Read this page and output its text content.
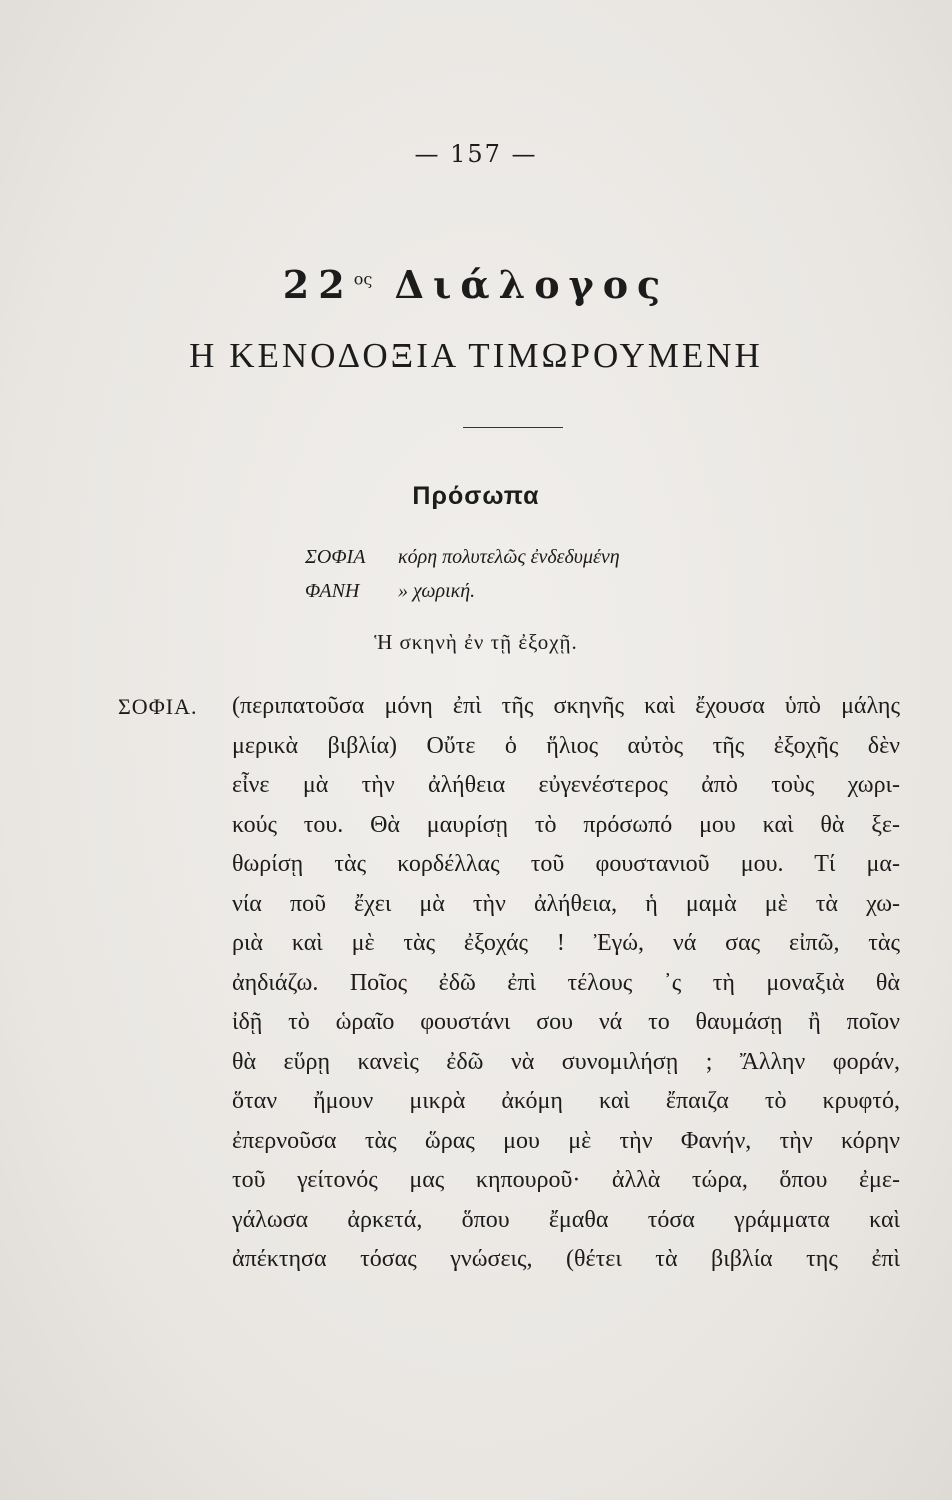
— 157 —
$22^{o\varsigma}$ Διάλογος
Η ΚΕΝΟΔΟΞΙΑ ΤΙΜΩΡΟΥΜΕΝΗ
Πρόσωπα
ΣΟΦΙΑ κόρη πολυτελῶς ἐνδεδυμένη
ΦΑΝΗ » χωρική.
Ἡ σκηνὴ ἐν τῇ ἐξοχῇ.
ΣΟΦΙΑ. (περιπατοῦσα μόνη ἐπὶ τῆς σκηνῆς καὶ ἔχουσα ὑπὸ μάλης
μερικὰ βιβλία) Οὔτε ὁ ἥλιος αὐτὸς τῆς ἐξοχῆς δὲν
εἶνε μὰ τὴν ἀλήθεια εὐγενέστερος ἀπὸ τοὺς χωρι-
κούς του. Θὰ μαυρίσῃ τὸ πρόσωπό μου καὶ θὰ ξε-
θωρίσῃ τὰς κορδέλλας τοῦ φουστανιοῦ μου. Τί μα-
νία ποῦ ἔχει μὰ τὴν ἀλήθεια, ἡ μαμὰ μὲ τὰ χω-
ριὰ καὶ μὲ τὰς ἐξοχάς ! Ἐγώ, νά σας εἰπῶ, τὰς
ἀηδιάζω. Ποῖος ἐδῶ ἐπὶ τέλους ᾽ς τὴ μοναξιὰ θὰ
ἰδῇ τὸ ὡραῖο φουστάνι σου νά το θαυμάσῃ ἢ ποῖον
θὰ εὕρῃ κανεὶς ἐδῶ νὰ συνομιλήσῃ ; Ἄλλην φοράν,
ὅταν ἤμουν μικρὰ ἀκόμη καὶ ἔπαιζα τὸ κρυφτό,
ἐπερνοῦσα τὰς ὥρας μου μὲ τὴν Φανήν, τὴν κόρην
τοῦ γείτονός μας κηπουροῦ· ἀλλὰ τώρα, ὅπου ἐμε-
γάλωσα ἀρκετά, ὅπου ἔμαθα τόσα γράμματα καὶ
ἀπέκτησα τόσας γνώσεις, (θέτει τὰ βιβλία της ἐπὶ
